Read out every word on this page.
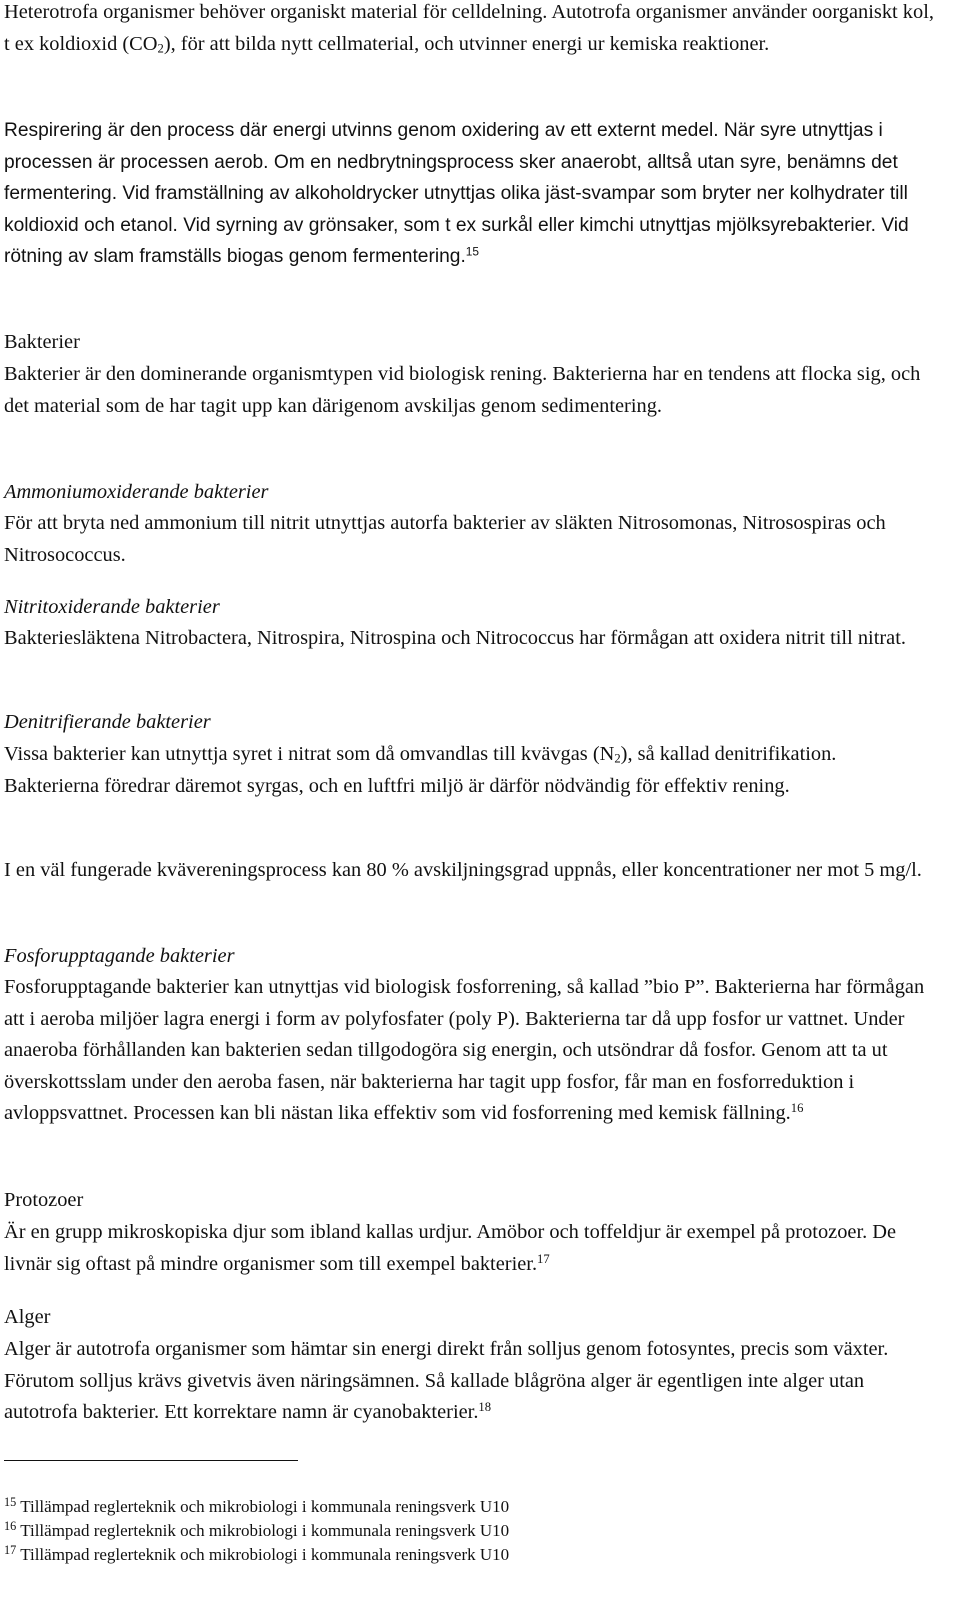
Heterotrofa organismer behöver organiskt material för celldelning. Autotrofa organismer använder oorganiskt kol, t ex koldioxid $(CO_2)$, för att bilda nytt cellmaterial, och utvinner energi ur kemiska reaktioner.

Respirering är den process där energi utvinns genom oxidering av ett externt medel. När syre utnyttjas i processen är processen aerob. Om en nedbrytningsprocess sker anaerobt, alltså utan syre, benämns det fermentering. Vid framställning av alkoholdrycker utnyttjas olika jäst-svampar som bryter ner kolhydrater till koldioxid och etanol. Vid syrning av grönsaker, som t ex surkål eller kimchi utnyttjas mjölksyrebakterier. Vid rötning av slam framställs biogas genom fermentering.$^{15}$

Bakterier

Bakterier är den dominerande organismtypen vid biologisk rening. Bakterierna har en tendens att flocka sig, och det material som de har tagit upp kan därigenom avskiljas genom sedimentering.

Ammoniumoxiderande bakterier

För att bryta ned ammonium till nitrit utnyttjas autorfa bakterier av släkten Nitrosomonas, Nitrosospiras och Nitrosococcus.

Nitritoxiderande bakterier

Bakteriesläktena Nitrobactera, Nitrospira, Nitrospina och Nitrococcus har förmågan att oxidera nitrit till nitrat.

Denitrifierande bakterier

Vissa bakterier kan utnyttja syret i nitrat som då omvandlas till kvävgas $(N_2)$, så kallad denitrifikation. Bakterierna föredrar däremot syrgas, och en luftfri miljö är därför nödvändig för effektiv rening.

I en väl fungerade kvävereningsprocess kan 80 % avskiljningsgrad uppnås, eller koncentrationer ner mot 5 mg/l.

Fosforupptagande bakterier

Fosforupptagande bakterier kan utnyttjas vid biologisk fosforrening, så kallad ”bio P”. Bakterierna har förmågan att i aeroba miljöer lagra energi i form av polyfosfater (poly P). Bakterierna tar då upp fosfor ur vattnet. Under anaeroba förhållanden kan bakterien sedan tillgodogöra sig energin, och utsöndrar då fosfor. Genom att ta ut överskottsslam under den aeroba fasen, när bakterierna har tagit upp fosfor, får man en fosforreduktion i avloppsvattnet. Processen kan bli nästan lika effektiv som vid fosforrening med kemisk fällning.$^{16}$

Protozoer

Är en grupp mikroskopiska djur som ibland kallas urdjur. Amöbor och toffeldjur är exempel på protozoer. De livnär sig oftast på mindre organismer som till exempel bakterier.$^{17}$

Alger

Alger är autotrofa organismer som hämtar sin energi direkt från solljus genom fotosyntes, precis som växter. Förutom solljus krävs givetvis även näringsämnen. Så kallade blågröna alger är egentligen inte alger utan autotrofa bakterier. Ett korrektare namn är cyanobakterier.$^{18}$

$^{15}$ Tillämpad reglerteknik och mikrobiologi i kommunala reningsverk U10

$^{16}$ Tillämpad reglerteknik och mikrobiologi i kommunala reningsverk U10

$^{17}$ Tillämpad reglerteknik och mikrobiologi i kommunala reningsverk U10
